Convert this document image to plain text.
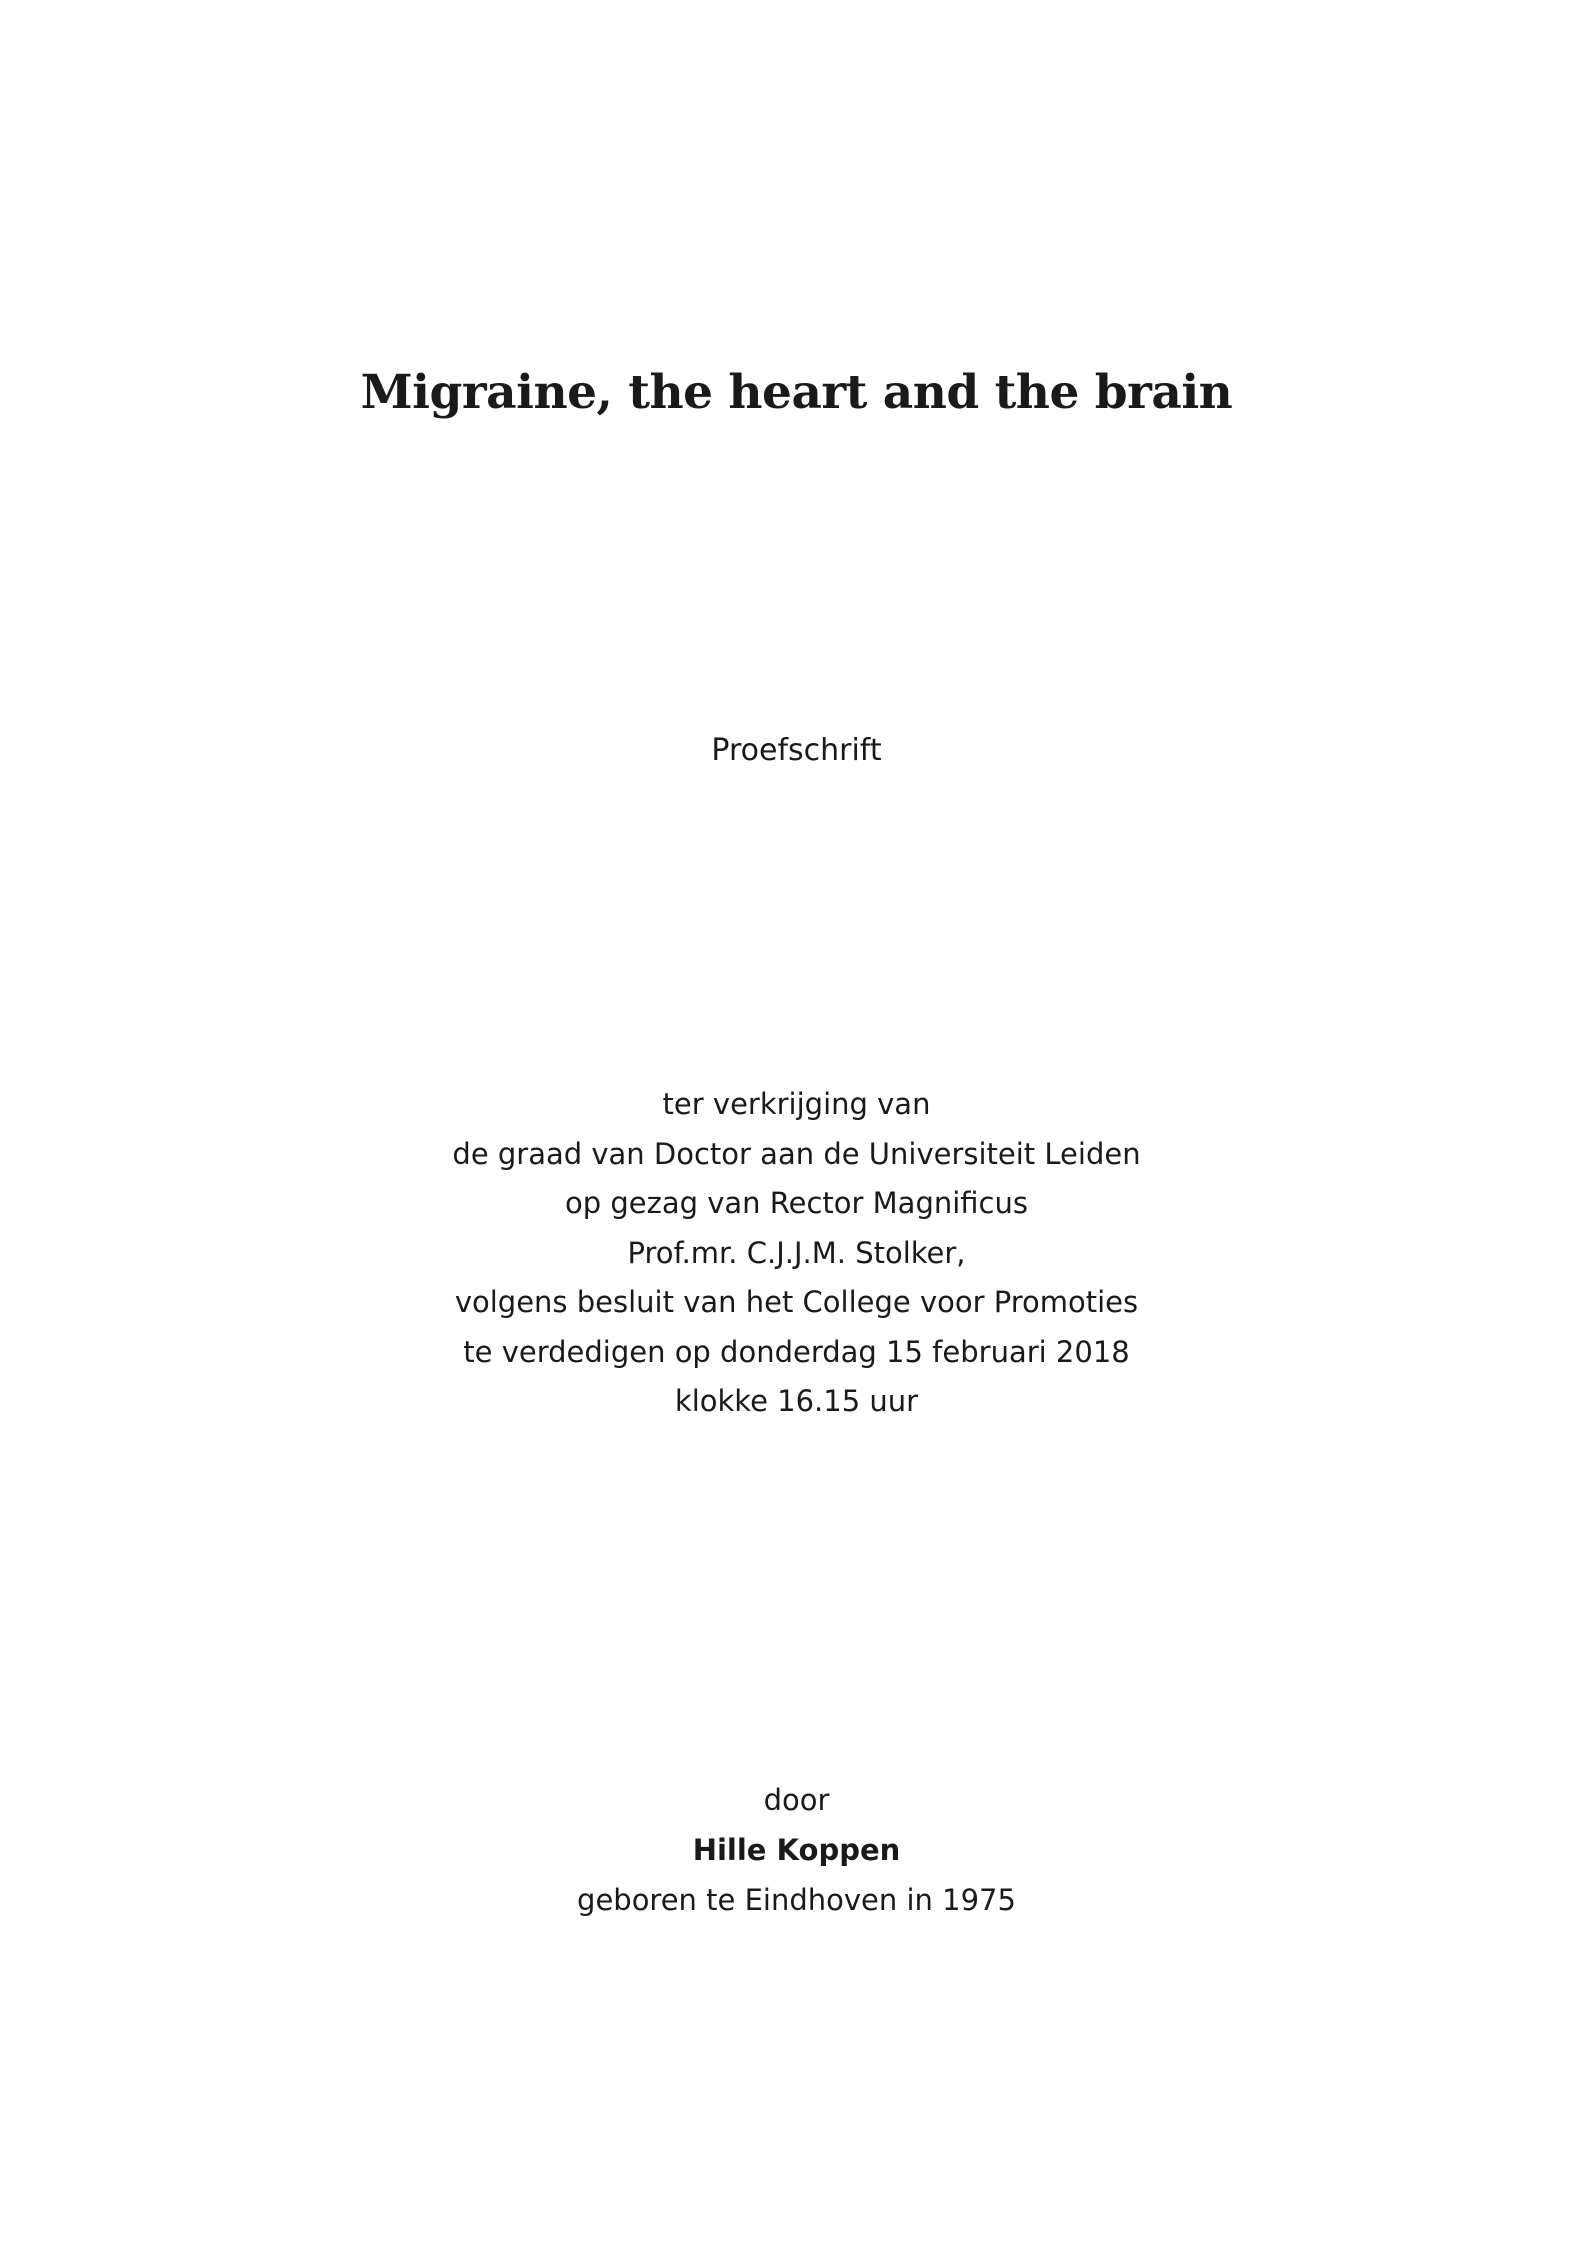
Migraine, the heart and the brain
Proefschrift
ter verkrijging van
de graad van Doctor aan de Universiteit Leiden
op gezag van Rector Magnificus
Prof.mr. C.J.J.M. Stolker,
volgens besluit van het College voor Promoties
te verdedigen op donderdag 15 februari 2018
klokke 16.15 uur
door
Hille Koppen
geboren te Eindhoven in 1975
